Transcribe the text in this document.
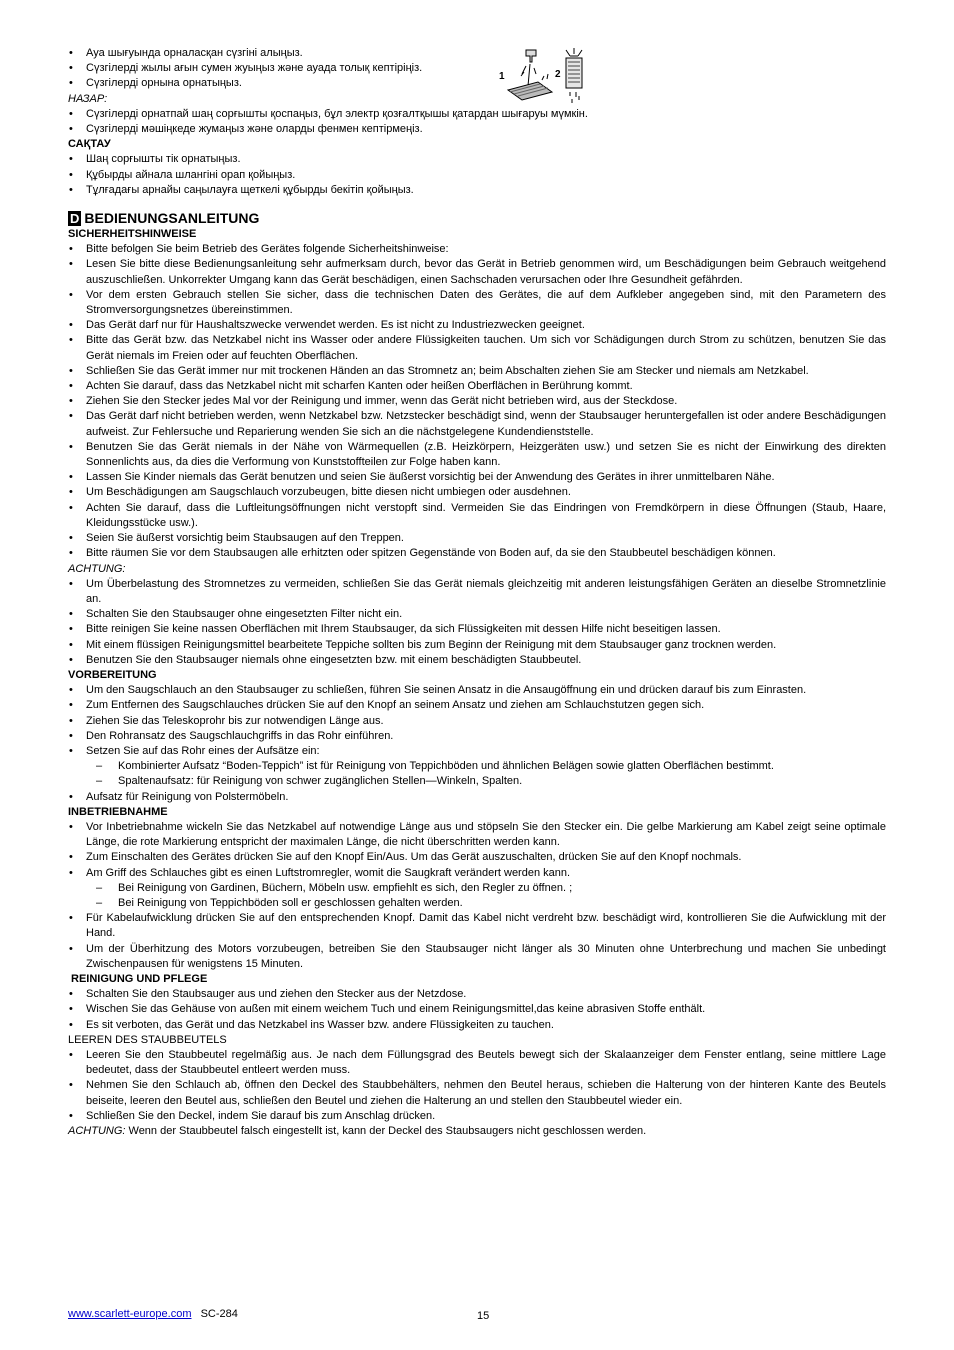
• Ауа шығуында орналасқан сүзгіні алыңыз.
• Сүзгілерді жылы ағын сумен жуыңыз және ауада толық кептіріңіз.
• Сүзгілерді орнына орнатыңыз.
НАЗАР:
• Сүзгілерді орнатпай шаң сорғышты қоспаңыз, бұл электр қозғалтқышы қатардан шығаруы мүмкін.
• Сүзгілерді мәшіңкеде жумаңыз және оларды фенмен кептірмеңіз.
САҚТАУ
• Шаң сорғышты тік орнатыңыз.
• Құбырды айнала шлангіні орап қойыңыз.
• Тұлғадағы арнайы саңылауға щеткелі құбырды бекітіп қойыңыз.
D BEDIENUNGSANLEITUNG
SICHERHEITSHINWEISE
• Bitte befolgen Sie beim Betrieb des Gerätes folgende Sicherheitshinweise:
• Lesen Sie bitte diese Bedienungsanleitung sehr aufmerksam durch, bevor das Gerät in Betrieb genommen wird, um Beschädigungen beim Gebrauch weitgehend auszuschließen. Unkorrekter Umgang kann das Gerät beschädigen, einen Sachschaden verursachen oder Ihre Gesundheit gefährden.
• Vor dem ersten Gebrauch stellen Sie sicher, dass die technischen Daten des Gerätes, die auf dem Aufkleber angegeben sind, mit den Parametern des Stromversorgungsnetzes übereinstimmen.
• Das Gerät darf nur für Haushaltszwecke verwendet werden. Es ist nicht zu Industriezwecken geeignet.
• Bitte das Gerät bzw. das Netzkabel nicht ins Wasser oder andere Flüssigkeiten tauchen. Um sich vor Schädigungen durch Strom zu schützen, benutzen Sie das Gerät niemals im Freien oder auf feuchten Oberflächen.
• Schließen Sie das Gerät immer nur mit trockenen Händen an das Stromnetz an; beim Abschalten ziehen Sie am Stecker und niemals am Netzkabel.
• Achten Sie darauf, dass das Netzkabel nicht mit scharfen Kanten oder heißen Oberflächen in Berührung kommt.
• Ziehen Sie den Stecker jedes Mal vor der Reinigung und immer, wenn das Gerät nicht betrieben wird, aus der Steckdose.
• Das Gerät darf nicht betrieben werden, wenn Netzkabel bzw. Netzstecker beschädigt sind, wenn der Staubsauger heruntergefallen ist oder andere Beschädigungen aufweist. Zur Fehlersuche und Reparierung wenden Sie sich an die nächstgelegene Kundendienststelle.
• Benutzen Sie das Gerät niemals in der Nähe von Wärmequellen (z.B. Heizkörpern, Heizgeräten usw.) und setzen Sie es nicht der Einwirkung des direkten Sonnenlichts aus, da dies die Verformung von Kunststoffteilen zur Folge haben kann.
• Lassen Sie Kinder niemals das Gerät benutzen und seien Sie äußerst vorsichtig bei der Anwendung des Gerätes in ihrer unmittelbaren Nähe.
• Um Beschädigungen am Saugschlauch vorzubeugen, bitte diesen nicht umbiegen oder ausdehnen.
• Achten Sie darauf, dass die Luftleitungsöffnungen nicht verstopft sind. Vermeiden Sie das Eindringen von Fremdkörpern in diese Öffnungen (Staub, Haare, Kleidungsstücke usw.).
• Seien Sie äußerst vorsichtig beim Staubsaugen auf den Treppen.
• Bitte räumen Sie vor dem Staubsaugen alle erhitzten oder spitzen Gegenstände von Boden auf, da sie den Staubbeutel beschädigen können.
ACHTUNG:
• Um Überbelastung des Stromnetzes zu vermeiden, schließen Sie das Gerät niemals gleichzeitig mit anderen leistungsfähigen Geräten an dieselbe Stromnetzlinie an.
• Schalten Sie den Staubsauger ohne eingesetzten Filter nicht ein.
• Bitte reinigen Sie keine nassen Oberflächen mit Ihrem Staubsauger, da sich Flüssigkeiten mit dessen Hilfe nicht beseitigen lassen.
• Mit einem flüssigen Reinigungsmittel bearbeitete Teppiche sollten bis zum Beginn der Reinigung mit dem Staubsauger ganz trocknen werden.
• Benutzen Sie den Staubsauger niemals ohne eingesetzten bzw. mit einem beschädigten Staubbeutel.
VORBEREITUNG
• Um den Saugschlauch an den Staubsauger zu schließen, führen Sie seinen Ansatz in die Ansaugöffnung ein und drücken darauf bis zum Einrasten.
• Zum Entfernen des Saugschlauches drücken Sie auf den Knopf an seinem Ansatz und ziehen am Schlauchstutzen gegen sich.
• Ziehen Sie das Teleskoprohr bis zur notwendigen Länge aus.
• Den Rohransatz des Saugschlauchgriffs in das Rohr einführen.
• Setzen Sie auf das Rohr eines der Aufsätze ein:
– Kombinierter Aufsatz “Boden-Teppich” ist für Reinigung von Teppichböden und ähnlichen Belägen sowie glatten Oberflächen bestimmt.
– Spaltenaufsatz: für Reinigung von schwer zugänglichen Stellen—Winkeln, Spalten.
• Aufsatz für Reinigung von Polstermöbeln.
INBETRIEBNAHME
• Vor Inbetriebnahme wickeln Sie das Netzkabel auf notwendige Länge aus und stöpseln Sie den Stecker ein. Die gelbe Markierung am Kabel zeigt seine optimale Länge, die rote Markierung entspricht der maximalen Länge, die nicht überschritten werden kann.
• Zum Einschalten des Gerätes drücken Sie auf den Knopf Ein/Aus. Um das Gerät auszuschalten, drücken Sie auf den Knopf nochmals.
• Am Griff des Schlauches gibt es einen Luftstromregler, womit die Saugkraft verändert werden kann.
– Bei Reinigung von Gardinen, Büchern, Möbeln usw. empfiehlt es sich, den Regler zu öffnen. ;
– Bei Reinigung von Teppichböden soll er geschlossen gehalten werden.
• Für Kabelaufwicklung drücken Sie auf den entsprechenden Knopf. Damit das Kabel nicht verdreht bzw. beschädigt wird, kontrollieren Sie die Aufwicklung mit der Hand.
• Um der Überhitzung des Motors vorzubeugen, betreiben Sie den Staubsauger nicht länger als 30 Minuten ohne Unterbrechung und machen Sie unbedingt Zwischenpausen für wenigstens 15 Minuten.
REINIGUNG UND PFLEGE
• Schalten Sie den Staubsauger aus und ziehen den Stecker aus der Netzdose.
• Wischen Sie das Gehäuse von außen mit einem weichem Tuch und einem Reinigungsmittel,das keine abrasiven Stoffe enthält.
• Es sit verboten, das Gerät und das Netzkabel ins Wasser bzw. andere Flüssigkeiten zu tauchen.
LEEREN DES STAUBBEUTELS
• Leeren Sie den Staubbeutel regelmäßig aus. Je nach dem Füllungsgrad des Beutels bewegt sich der Skalaanzeiger dem Fenster entlang, seine mittlere Lage bedeutet, dass der Staubbeutel entleert werden muss.
• Nehmen Sie den Schlauch ab, öffnen den Deckel des Staubbehälters, nehmen den Beutel heraus, schieben die Halterung von der hinteren Kante des Beutels beiseite, leeren den Beutel aus, schließen den Beutel und ziehen die Halterung an und stellen den Staubbeutel wieder ein.
• Schließen Sie den Deckel, indem Sie darauf bis zum Anschlag drücken.
ACHTUNG: Wenn der Staubbeutel falsch eingestellt ist, kann der Deckel des Staubsaugers nicht geschlossen werden.
1	2
www.scarlett-europe.com SC-284	15
